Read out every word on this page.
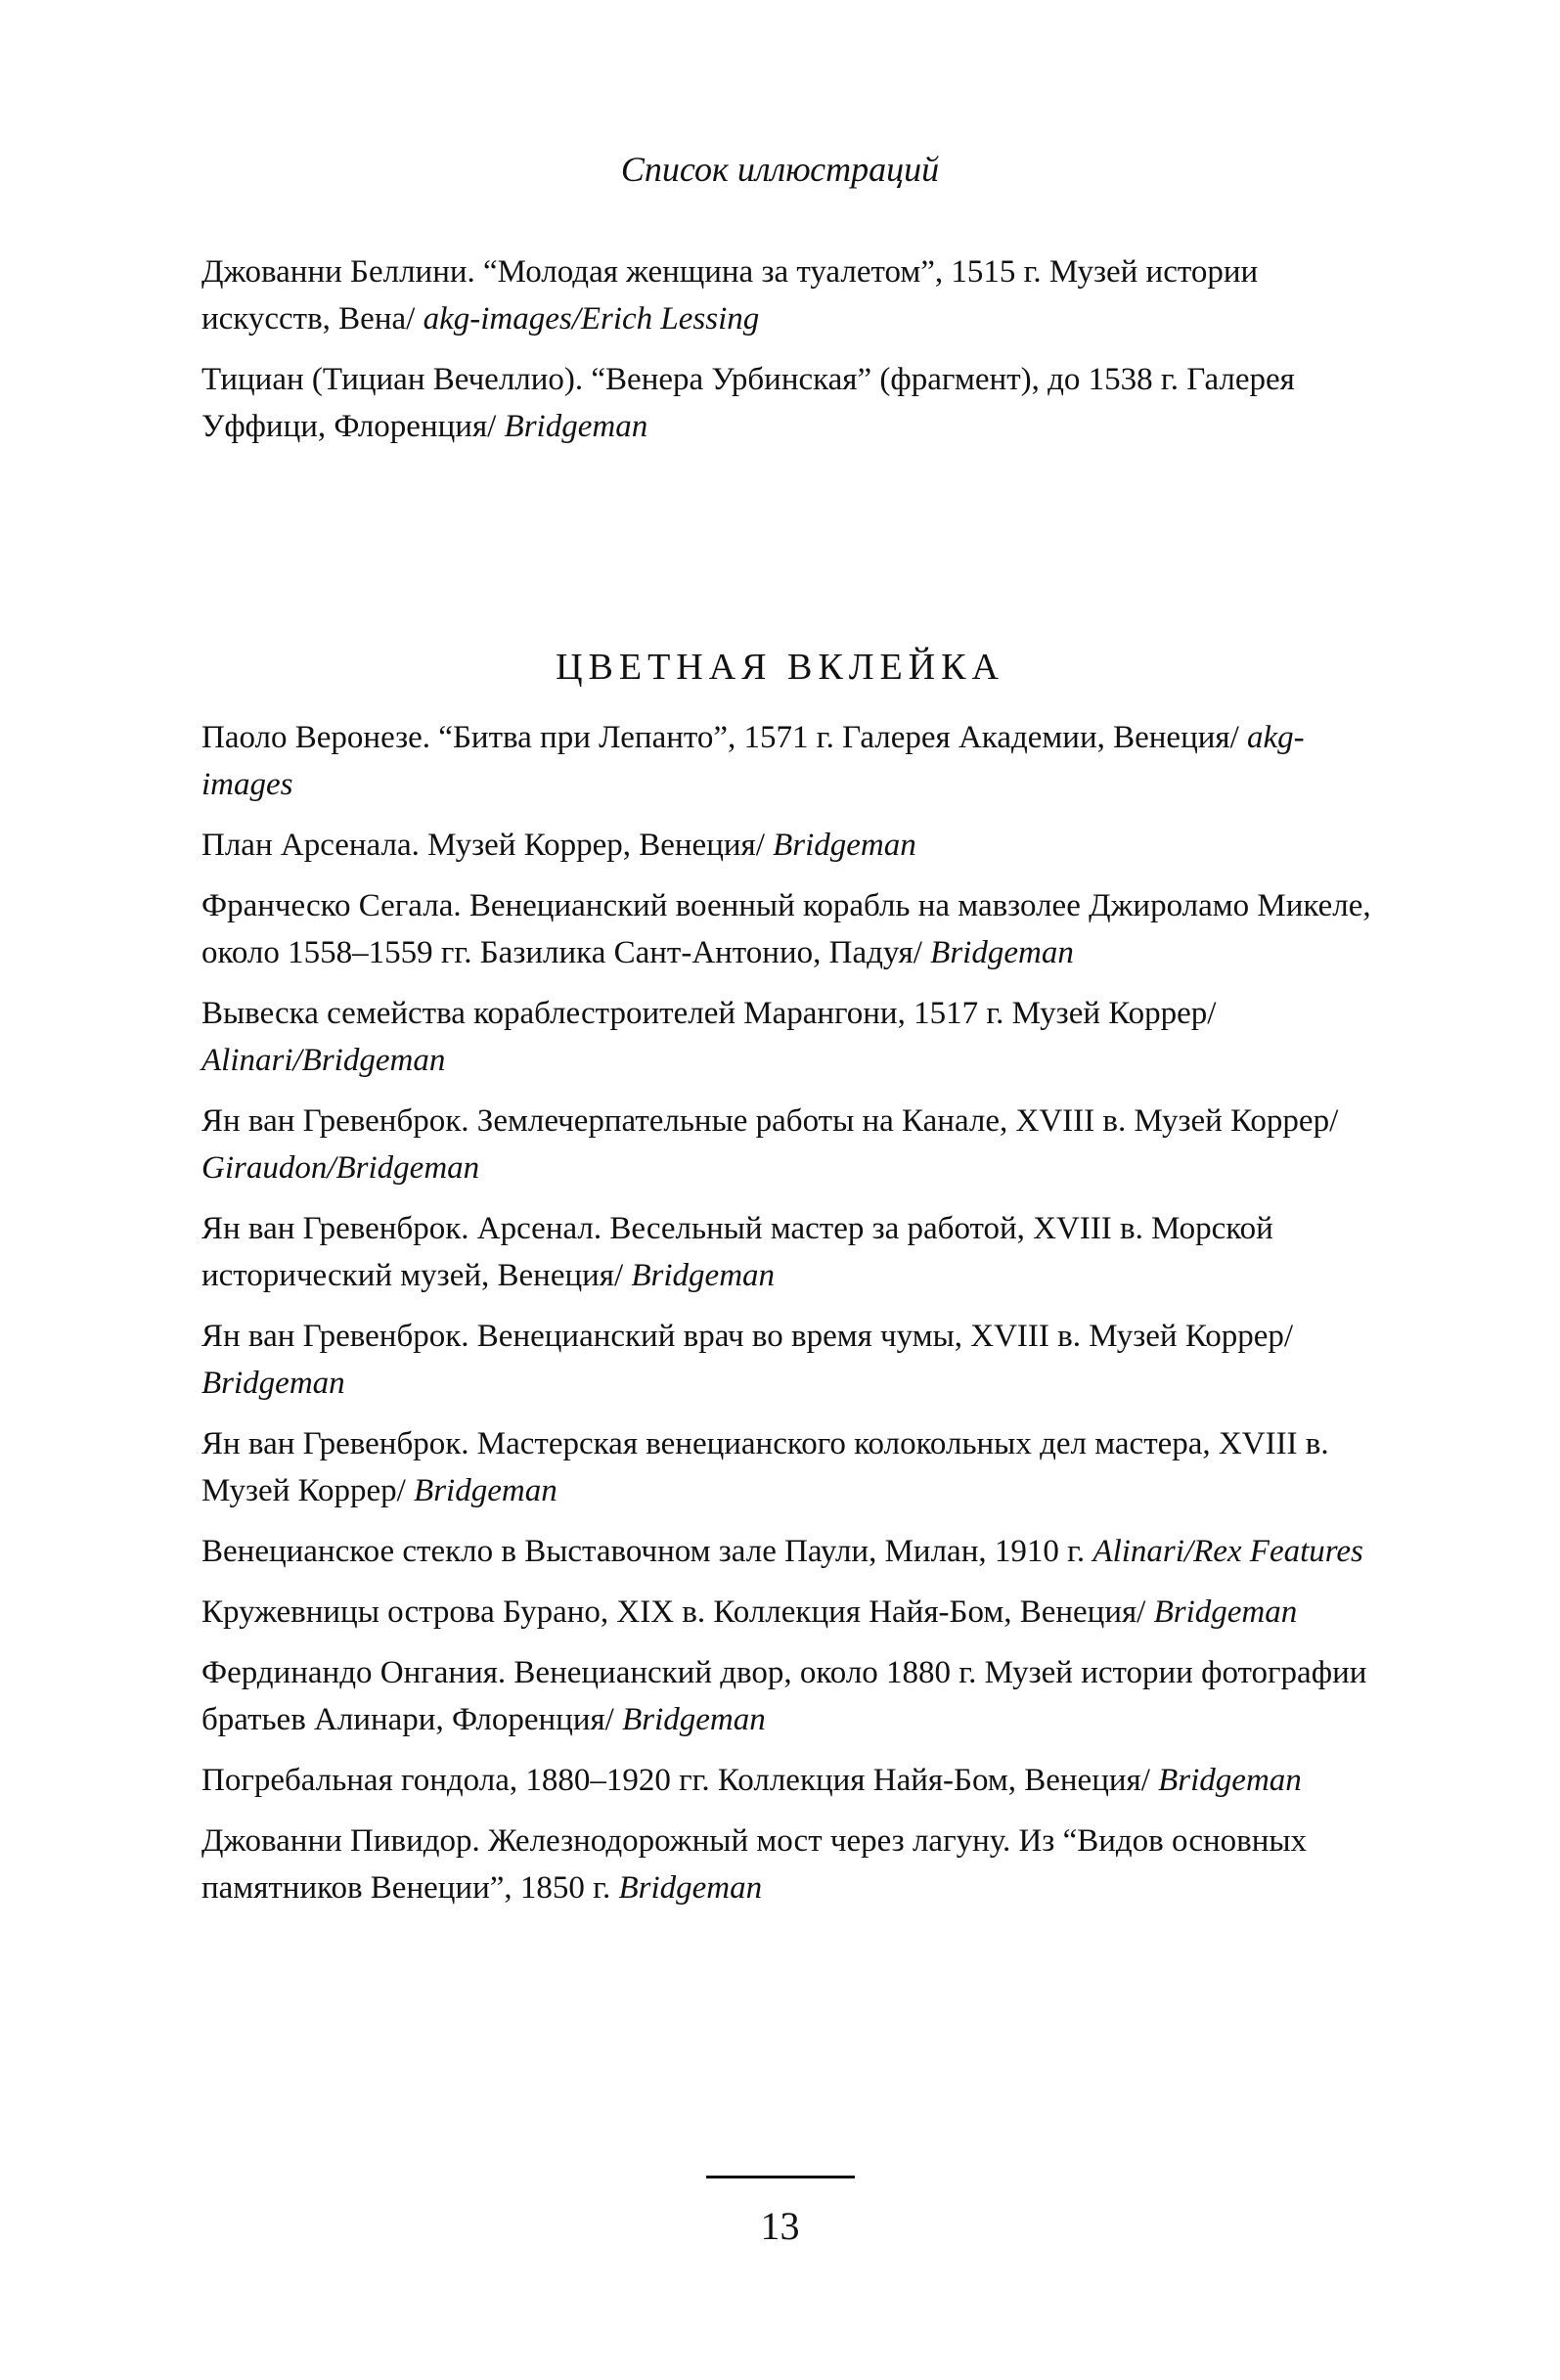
Список иллюстраций

Джованни Беллини. “Молодая женщина за туалетом”, 1515 г. Музей истории искусств, Вена/ akg-images/Erich Lessing

Тициан (Тициан Вечеллио). “Венера Урбинская” (фрагмент), до 1538 г. Галерея Уффици, Флоренция/ Bridgeman

ЦВЕТНАЯ ВКЛЕЙКА

Паоло Веронезе. “Битва при Лепанто”, 1571 г. Галерея Академии, Венеция/ akg-images

План Арсенала. Музей Коррер, Венеция/ Bridgeman

Франческо Сегала. Венецианский военный корабль на мавзолее Джироламо Микеле, около 1558–1559 гг. Базилика Сант-Антонио, Падуя/ Bridgeman

Вывеска семейства кораблестроителей Марангони, 1517 г. Музей Коррер/ Alinari/Bridgeman

Ян ван Гревенброк. Землечерпательные работы на Канале, XVIII в. Музей Коррер/ Giraudon/Bridgeman

Ян ван Гревенброк. Арсенал. Весельный мастер за работой, XVIII в. Морской исторический музей, Венеция/ Bridgeman

Ян ван Гревенброк. Венецианский врач во время чумы, XVIII в. Музей Коррер/ Bridgeman

Ян ван Гревенброк. Мастерская венецианского колокольных дел мастера, XVIII в. Музей Коррер/ Bridgeman

Венецианское стекло в Выставочном зале Паули, Милан, 1910 г. Alinari/Rex Features

Кружевницы острова Бурано, XIX в. Коллекция Найя-Бом, Венеция/ Bridgeman

Фердинандо Онгания. Венецианский двор, около 1880 г. Музей истории фотографии братьев Алинари, Флоренция/ Bridgeman

Погребальная гондола, 1880–1920 гг. Коллекция Найя-Бом, Венеция/ Bridgeman

Джованни Пивидор. Железнодорожный мост через лагуну. Из “Видов основных памятников Венеции”, 1850 г. Bridgeman

13
